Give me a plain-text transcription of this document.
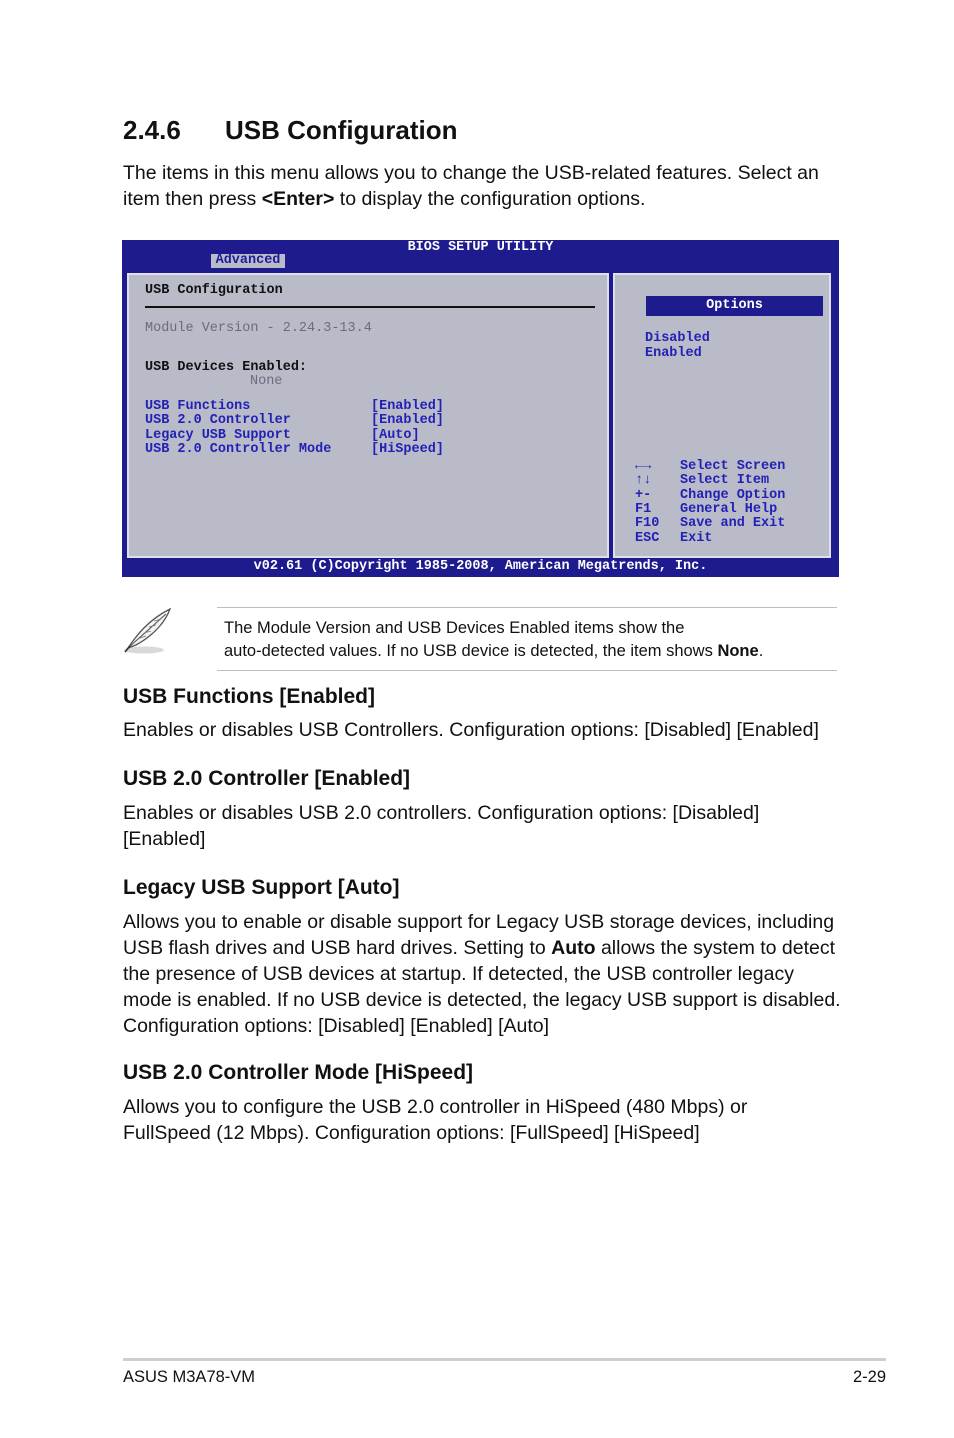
2.4.6 USB Configuration
The items in this menu allows you to change the USB-related features. Select an item then press <Enter> to display the configuration options.
BIOS SETUP UTILITY
Advanced
USB Configuration
Module Version - 2.24.3-13.4
USB Devices Enabled:
None
USB Functions	[Enabled]
USB 2.0 Controller	[Enabled]
Legacy USB Support	[Auto]
USB 2.0 Controller Mode	[HiSpeed]
Options
Disabled
Enabled
←→ Select Screen
↑↓ Select Item
+- Change Option
F1 General Help
F10 Save and Exit
ESC Exit
v02.61 (C)Copyright 1985-2008, American Megatrends, Inc.
The Module Version and USB Devices Enabled items show the
auto-detected values. If no USB device is detected, the item shows None.
USB Functions [Enabled]
Enables or disables USB Controllers. Configuration options: [Disabled] [Enabled]
USB 2.0 Controller [Enabled]
Enables or disables USB 2.0 controllers. Configuration options: [Disabled] [Enabled]
Legacy USB Support [Auto]
Allows you to enable or disable support for Legacy USB storage devices, including USB flash drives and USB hard drives. Setting to Auto allows the system to detect the presence of USB devices at startup. If detected, the USB controller legacy mode is enabled. If no USB device is detected, the legacy USB support is disabled. Configuration options: [Disabled] [Enabled] [Auto]
USB 2.0 Controller Mode [HiSpeed]
Allows you to configure the USB 2.0 controller in HiSpeed (480 Mbps) or FullSpeed (12 Mbps). Configuration options: [FullSpeed] [HiSpeed]
ASUS M3A78-VM	2-29
